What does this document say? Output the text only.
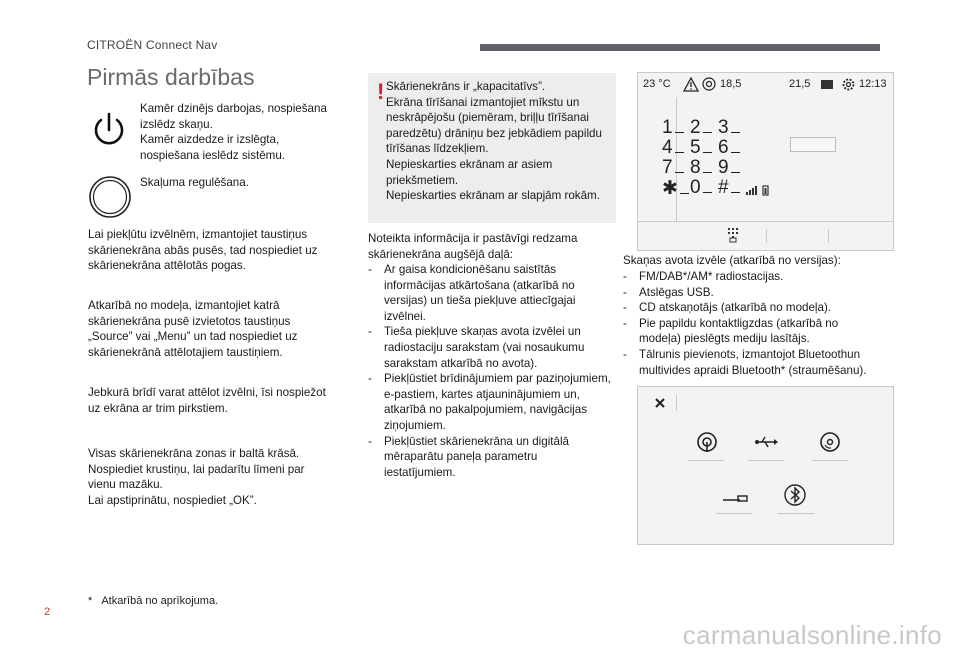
CITROËN Connect Nav
Pirmās darbības
Kamēr dzinējs darbojas, nospiešana
izslēdz skaņu.
Kamēr aizdedze ir izslēgta,
nospiešana ieslēdz sistēmu.
Skaļuma regulēšana.
Lai piekļūtu izvēlnēm, izmantojiet taustiņus
skārienekrāna abās pusēs, tad nospiediet uz
skārienekrāna attēlotās pogas.
Atkarībā no modeļa, izmantojiet katrā
skārienekrāna pusē izvietotos taustiņus
„Source” vai „Menu” un tad nospiediet uz
skārienekrānā attēlotajiem taustiņiem.
Jebkurā brīdī varat attēlot izvēlni, īsi nospiežot
uz ekrāna ar trim pirkstiem.
Visas skārienekrāna zonas ir baltā krāsā.
Nospiediet krustiņu, lai padarītu līmeni par
vienu mazāku.
Lai apstiprinātu, nospiediet „OK”.
* Atkarībā no aprīkojuma.
! Skārienekrāns ir „kapacitatīvs”.
Ekrāna tīrīšanai izmantojiet mīkstu un
neskrāpējošu (piemēram, briļļu tīrīšanai
paredzētu) drāniņu bez jebkādiem papildu
tīrīšanas līdzekļiem.
Nepieskarties ekrānam ar asiem
priekšmetiem.
Nepieskarties ekrānam ar slapjām rokām.
Noteikta informācija ir pastāvīgi redzama
skārienekrāna augšējā daļā:
- Ar gaisa kondicionēšanu saistītās
informācijas atkārtošana (atkarībā no
versijas) un tieša piekļuve attiecīgajai
izvēlnei.
- Tieša piekļuve skaņas avota izvēlei un
radiostaciju sarakstam (vai nosaukumu
sarakstam atkarībā no avota).
- Piekļūstiet brīdinājumiem par paziņojumiem,
e-pastiem, kartes atjauninājumiem un,
atkarībā no pakalpojumiem, navigācijas
ziņojumiem.
- Piekļūstiet skārienekrāna un digitālā
mēraparātu paneļa parametru
iestatījumiem.
23 °C	18,5	21,5	12:13
1 2 3
4 5 6
7 8 9
✱ 0 #
Skaņas avota izvēle (atkarībā no versijas):
- FM/DAB*/AM* radiostacijas.
- Atslēgas USB.
- CD atskaņotājs (atkarībā no modeļa).
- Pie papildu kontaktligzdas (atkarībā no
modeļa) pieslēgts mediju lasītājs.
- Tālrunis pievienots, izmantojot Bluetoothun
multivides apraidi Bluetooth* (straumēšanu).
2
carmanualsonline.info
